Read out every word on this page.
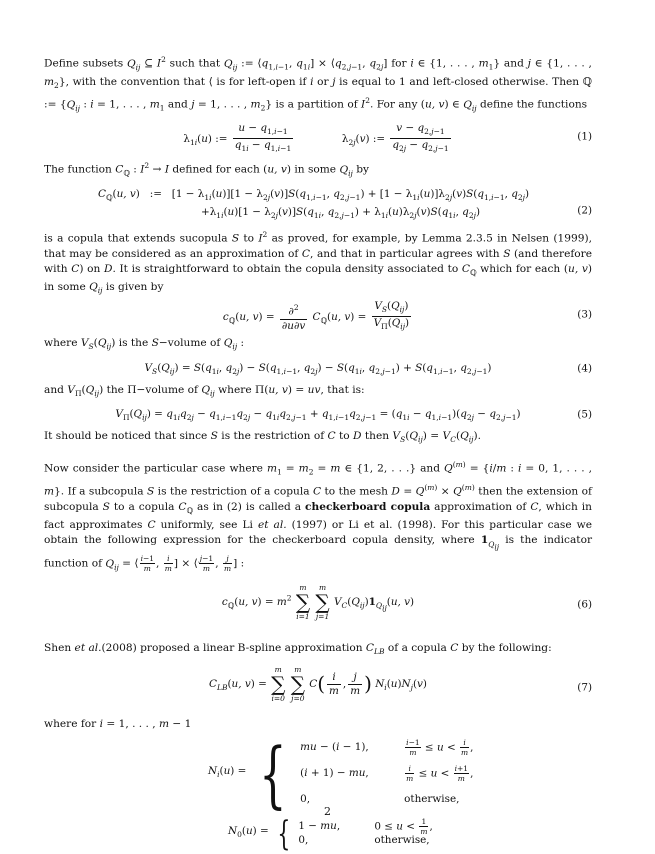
Define subsets $Q_{ij}$ ⊆ $I^2$ such that $Q_{ij}$ := $⟨q_{1,i-1}$, $q_{1i}$] × $⟨q_{2,j-1}$, $q_{2j}$] for i ∈ {1, . . . , $m_1$} and j ∈ {1, . . . , $m_2$}, with the convention that ⟨ is for left-open if i or j is equal to 1 and left-closed otherwise. Then ℚ := {$Q_{ij}$ : i = 1, . . . , $m_1$ and j = 1, . . . , $m_2$} is a partition of $I^2$. For any (u, v) ∈ $Q_{ij}$ define the functions

$\lambda_{1i}(u)$ := $\frac{u - q_{1,i-1}}{q_{1i} - q_{1,i-1}}$	$\lambda_{2j}(v)$ := $\frac{v - q_{2,j-1}}{q_{2j} - q_{2,j-1}}$	(1)

The function $C_ℚ$ : $I^2 \to I$ defined for each (u, v) in some $Q_{ij}$ by

$C_ℚ(u$, v)   :=   $[1 - \lambda_{1i}(u)][1 - \lambda_{2j}(v)]S(q_{1,i-1}$, $q_{2,j-1}) + [1 - \lambda_{1i}(u)]\lambda_{2j}(v)S(q_{1,i-1}$, $q_{2j}$)
$+\lambda_{1i}(u)[1 - \lambda_{2j}(v)]S(q_{1i}$, $q_{2,j-1}) + \lambda_{1i}(u)\lambda_{2j}(v)S(q_{1i}$, $q_{2j}$)	(2)

is a copula that extends sucopula S to $I^2$ as proved, for example, by Lemma 2.3.5 in Nelsen (1999), that may be considered as an approximation of C, and that in particular agrees with S (and therefore with C) on D. It is straightforward to obtain the copula density associated to $C_ℚ$ which for each (u, v) in some $Q_{ij}$ is given by

$c_ℚ(u$, $v) = \frac{\partial^2}{\partial u\partial v} C_ℚ(u$, $v) = \frac{V_S(Q_{ij})}{V_\Pi(Q_{ij})}$	(3)

where $V_S(Q_{ij})$ is the S−volume of $Q_{ij}$ :

$V_S(Q_{ij}) = S(q_{1i}$, $q_{2j}) - S(q_{1,i-1}$, $q_{2j}) - S(q_{1i}$, $q_{2,j-1}) + S(q_{1,i-1}$, $q_{2,j-1}$)	(4)

and $V_\Pi(Q_{ij})$ the Π−volume of $Q_{ij}$ where Π(u, v) = uv, that is:

$V_\Pi(Q_{ij}) = q_{1i}q_{2j} - q_{1,i-1}q_{2j} - q_{1i}q_{2,j-1} + q_{1,i-1}q_{2,j-1} = (q_{1i} - q_{1,i-1})(q_{2j} - q_{2,j-1})$	(5)

It should be noticed that since S is the restriction of C to D then $V_S(Q_{ij}) = V_C(Q_{ij})$.

Now consider the particular case where $m_1 = m_2 = m$ ∈ {1, 2, . . .} and $Q^{(m)} = \{i/m$ : i = 0, 1, . . . , m}. If a subcopula S is the restriction of a copula C to the mesh $D = Q^{(m)} \times Q^{(m)}$ then the extension of subcopula S to a copula $C_ℚ$ as in (2) is called a checkerboard copula approximation of C, which in fact approximates C uniformly, see Li et al. (1997) or Li et al. (1998). For this particular case we obtain the following expression for the checkerboard copula density, where $1_{Q_{ij}}$ is the indicator function of $Q_{ij}$ = ⟨ $\frac{i-1}{m}$ , $\frac{i}{m}$ ] × ⟨ $\frac{j-1}{m}$ , $\frac{j}{m}$ ] :

$c_ℚ(u$, $v) = m^2$
m
∑
i=1

m
∑
j=1
$V_C(Q_{ij})1_{Q_{ij}}(u$, v)	(6)

Shen et al.(2008) proposed a linear B-spline approximation $C_{LB}$ of a copula C by the following:

$C_{LB}(u$, v) =
m
∑
i=0

m
∑
j=0
$C( \frac{i}{m}$ , $\frac{j}{m}$ ) $N_i(u)N_j(v)$	(7)

where for i = 1, . . . , m − 1

$N_i(u)$ = { mu − (i − 1),	$\frac{i-1}{m} \le u < \frac{i}{m}$ ,
(i + 1) − mu,	$\frac{i}{m} \le u < \frac{i+1}{m}$ ,
0,	otherwise,
$N_0(u)$ = { 1 − mu,	$0 \le u < \frac{1}{m}$ ,
0,	otherwise,
2
